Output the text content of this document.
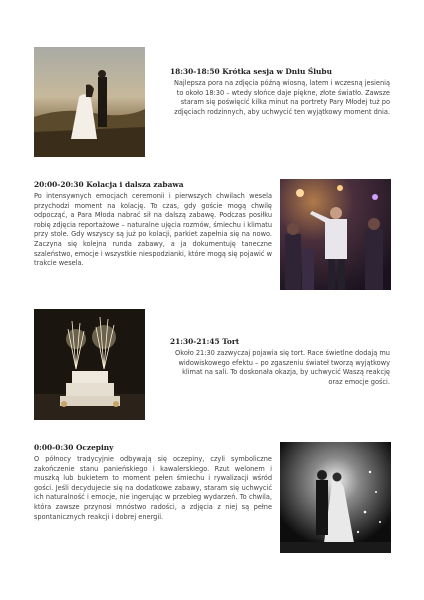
18:30-18:50 Krótka sesja w Dniu Ślubu

Najlepsza pora na zdjęcia późną wiosną, latem i wczesną jesienią to około 18:30 – wtedy słońce daje piękne, złote światło. Zawsze staram się poświęcić kilka minut na portrety Pary Młodej tuż po zdjęciach rodzinnych, aby uchwycić ten wyjątkowy moment dnia.

20:00-20:30 Kolacja i dalsza zabawa

Po intensywnych emocjach ceremonii i pierwszych chwilach wesela przychodzi moment na kolację. To czas, gdy goście mogą chwilę odpocząć, a Para Młoda nabrać sił na dalszą zabawę. Podczas posiłku robię zdjęcia reportażowe – naturalne ujęcia rozmów, śmiechu i klimatu przy stole. Gdy wszyscy są już po kolacji, parkiet zapełnia się na nowo. Zaczyna się kolejna runda zabawy, a ja dokumentuję taneczne szaleństwo, emocje i wszystkie niespodzianki, które mogą się pojawić w trakcie wesela.

21:30-21:45 Tort

Około 21:30 zazwyczaj pojawia się tort. Race świetlne dodają mu widowiskowego efektu – po zgaszeniu świateł tworzą wyjątkowy klimat na sali. To doskonała okazja, by uchwycić Waszą reakcję oraz emocje gości.

0:00-0:30 Oczepiny

O północy tradycyjnie odbywają się oczepiny, czyli symboliczne zakończenie stanu panieńskiego i kawalerskiego. Rzut welonem i muszką lub bukietem to moment pełen śmiechu i rywalizacji wśród gości. Jeśli decydujecie się na dodatkowe zabawy, staram się uchwycić ich naturalność i emocje, nie ingerując w przebieg wydarzeń. To chwila, która zawsze przynosi mnóstwo radości, a zdjęcia z niej są pełne spontanicznych reakcji i dobrej energii.
